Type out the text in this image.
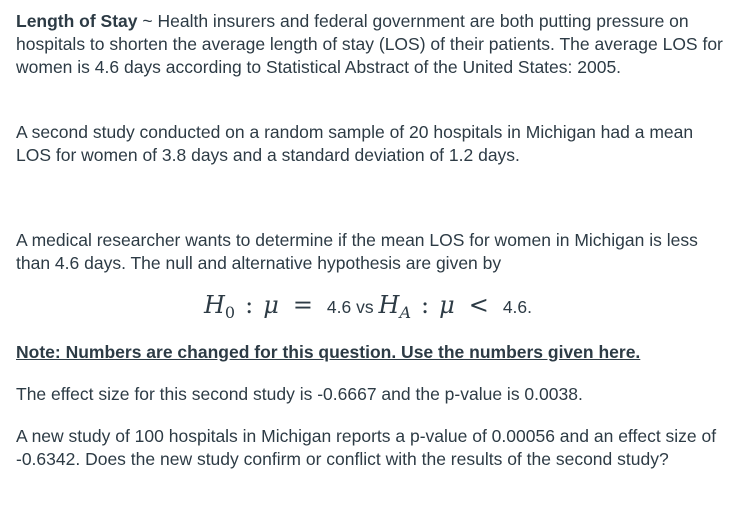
Length of Stay ~ Health insurers and federal government are both putting pressure on hospitals to shorten the average length of stay (LOS) of their patients. The average LOS for women is 4.6 days according to Statistical Abstract of the United States: 2005.

A second study conducted on a random sample of 20 hospitals in Michigan had a mean LOS for women of 3.8 days and a standard deviation of 1.2 days.

A medical researcher wants to determine if the mean LOS for women in Michigan is less than 4.6 days. The null and alternative hypothesis are given by

H0 : μ = 4.6 vs HA : μ < 4.6.
Note: Numbers are changed for this question. Use the numbers given here.

The effect size for this second study is -0.6667 and the p-value is 0.0038.

A new study of 100 hospitals in Michigan reports a p-value of 0.00056 and an effect size of -0.6342. Does the new study confirm or conflict with the results of the second study?
